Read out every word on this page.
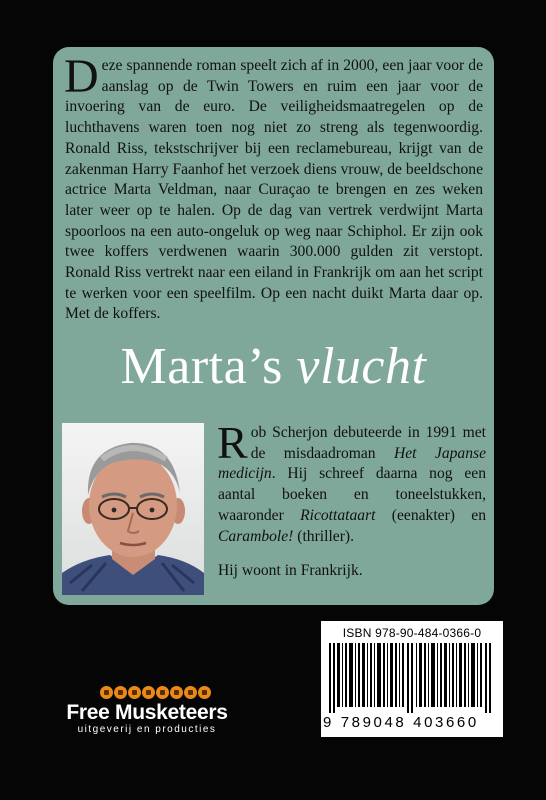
Deze spannende roman speelt zich af in 2000, een jaar voor de aanslag op de Twin Towers en ruim een jaar voor de invoering van de euro. De veiligheidsmaatregelen op de luchthavens waren toen nog niet zo streng als tegenwoordig. Ronald Riss, tekstschrijver bij een reclamebureau, krijgt van de zakenman Harry Faanhof het verzoek diens vrouw, de beeldschone actrice Marta Veldman, naar Curaçao te brengen en zes weken later weer op te halen. Op de dag van vertrek verdwijnt Marta spoorloos na een auto-ongeluk op weg naar Schiphol. Er zijn ook twee koffers verdwenen waarin 300.000 gulden zit verstopt. Ronald Riss vertrekt naar een eiland in Frankrijk om aan het script te werken voor een speelfilm. Op een nacht duikt Marta daar op. Met de koffers.

Marta’s vlucht

Rob Scherjon debuteerde in 1991 met de misdaadroman Het Japanse medicijn. Hij schreef daarna nog een aantal boeken en toneelstukken, waaronder Ricottataart (eenakter) en Carambole! (thriller).

Hij woont in Frankrijk.

ISBN 978-90-484-0366-0
9 789048 403660
Free Musketeers
uitgeverij en producties
